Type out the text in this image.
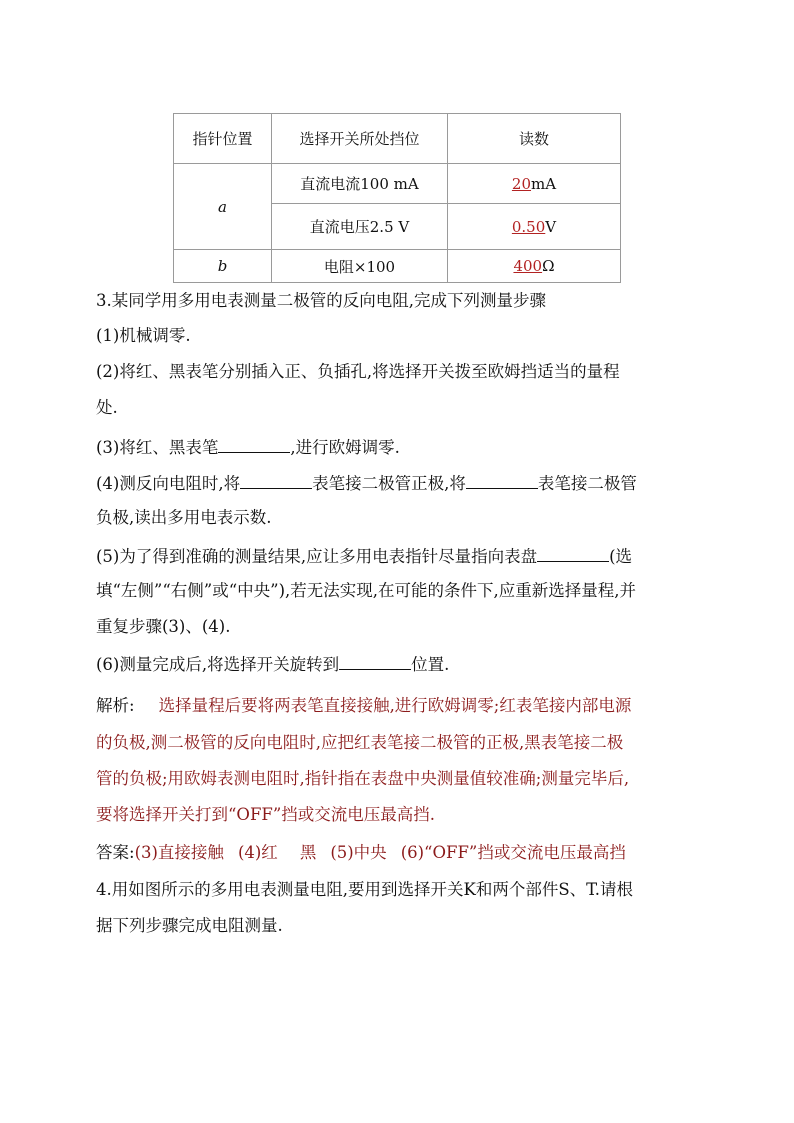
指针位置	选择开关所处挡位	读数
a	直流电流100 mA	20mA
	直流电压2.5 V	0.50V
b	电阻×100	400Ω
3.某同学用多用电表测量二极管的反向电阻,完成下列测量步骤
(1)机械调零.
(2)将红、黑表笔分别插入正、负插孔,将选择开关拨至欧姆挡适当的量程
处.
(3)将红、黑表笔	,进行欧姆调零.
(4)测反向电阻时,将	表笔接二极管正极,将	表笔接二极管
负极,读出多用电表示数.
(5)为了得到准确的测量结果,应让多用电表指针尽量指向表盘	(选
填“左侧”“右侧”或“中央”),若无法实现,在可能的条件下,应重新选择量程,并
重复步骤(3)、(4).
(6)测量完成后,将选择开关旋转到	位置.
解析: 选择量程后要将两表笔直接接触,进行欧姆调零;红表笔接内部电源
的负极,测二极管的反向电阻时,应把红表笔接二极管的正极,黑表笔接二极
管的负极;用欧姆表测电阻时,指针指在表盘中央测量值较准确;测量完毕后,
要将选择开关打到“OFF”挡或交流电压最高挡.
答案:(3)直接接触 (4)红 黑 (5)中央 (6)“OFF”挡或交流电压最高挡
4.用如图所示的多用电表测量电阻,要用到选择开关K和两个部件S、T.请根
据下列步骤完成电阻测量.
